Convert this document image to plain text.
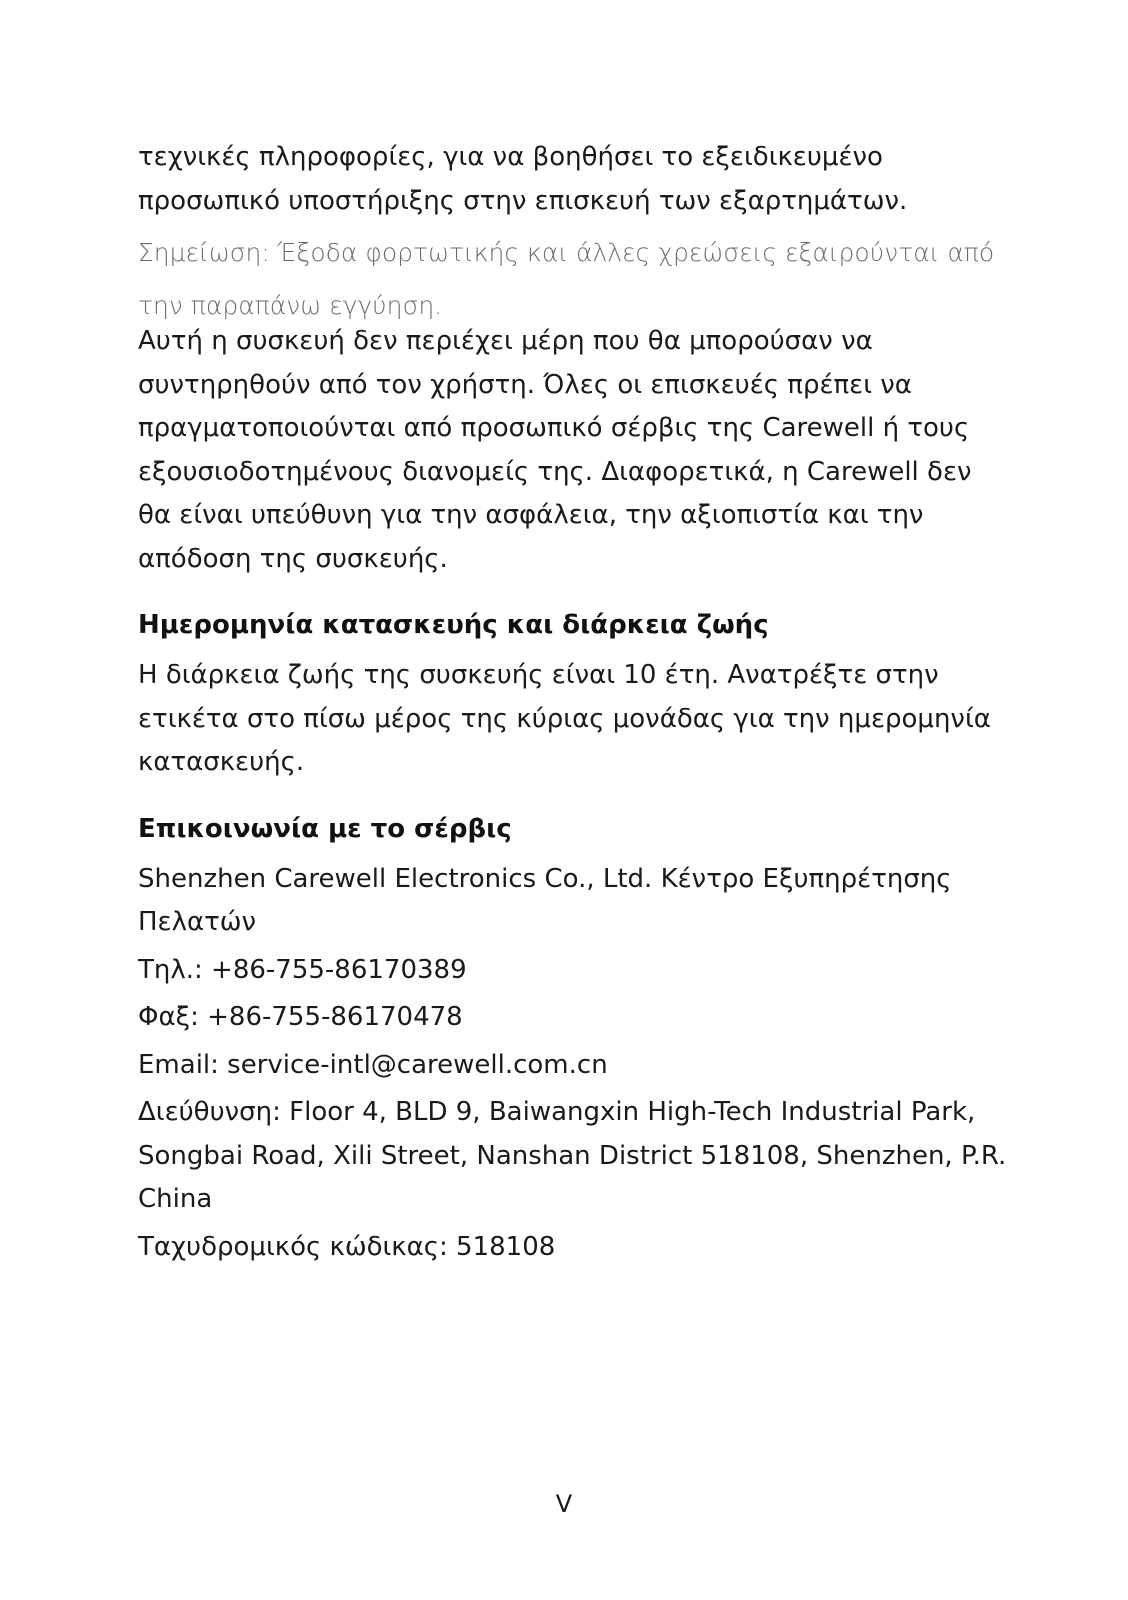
τεχνικές πληροφορίες, για να βοηθήσει το εξειδικευμένο προσωπικό υποστήριξης στην επισκευή των εξαρτημάτων.

Σημείωση: Έξοδα φορτωτικής και άλλες χρεώσεις εξαιρούνται από την παραπάνω εγγύηση.

Αυτή η συσκευή δεν περιέχει μέρη που θα μπορούσαν να συντηρηθούν από τον χρήστη. Όλες οι επισκευές πρέπει να πραγματοποιούνται από προσωπικό σέρβις της Carewell ή τους εξουσιοδοτημένους διανομείς της. Διαφορετικά, η Carewell δεν θα είναι υπεύθυνη για την ασφάλεια, την αξιοπιστία και την απόδοση της συσκευής.

Ημερομηνία κατασκευής και διάρκεια ζωής

Η διάρκεια ζωής της συσκευής είναι 10 έτη. Ανατρέξτε στην ετικέτα στο πίσω μέρος της κύριας μονάδας για την ημερομηνία κατασκευής.

Επικοινωνία με το σέρβις

Shenzhen Carewell Electronics Co., Ltd. Κέντρο Εξυπηρέτησης Πελατών

Τηλ.: +86-755-86170389

Φαξ: +86-755-86170478

Email: service-intl@carewell.com.cn

Διεύθυνση: Floor 4, BLD 9, Baiwangxin High-Tech Industrial Park, Songbai Road, Xili Street, Nanshan District 518108, Shenzhen, P.R. China

Ταχυδρομικός κώδικας: 518108

V
